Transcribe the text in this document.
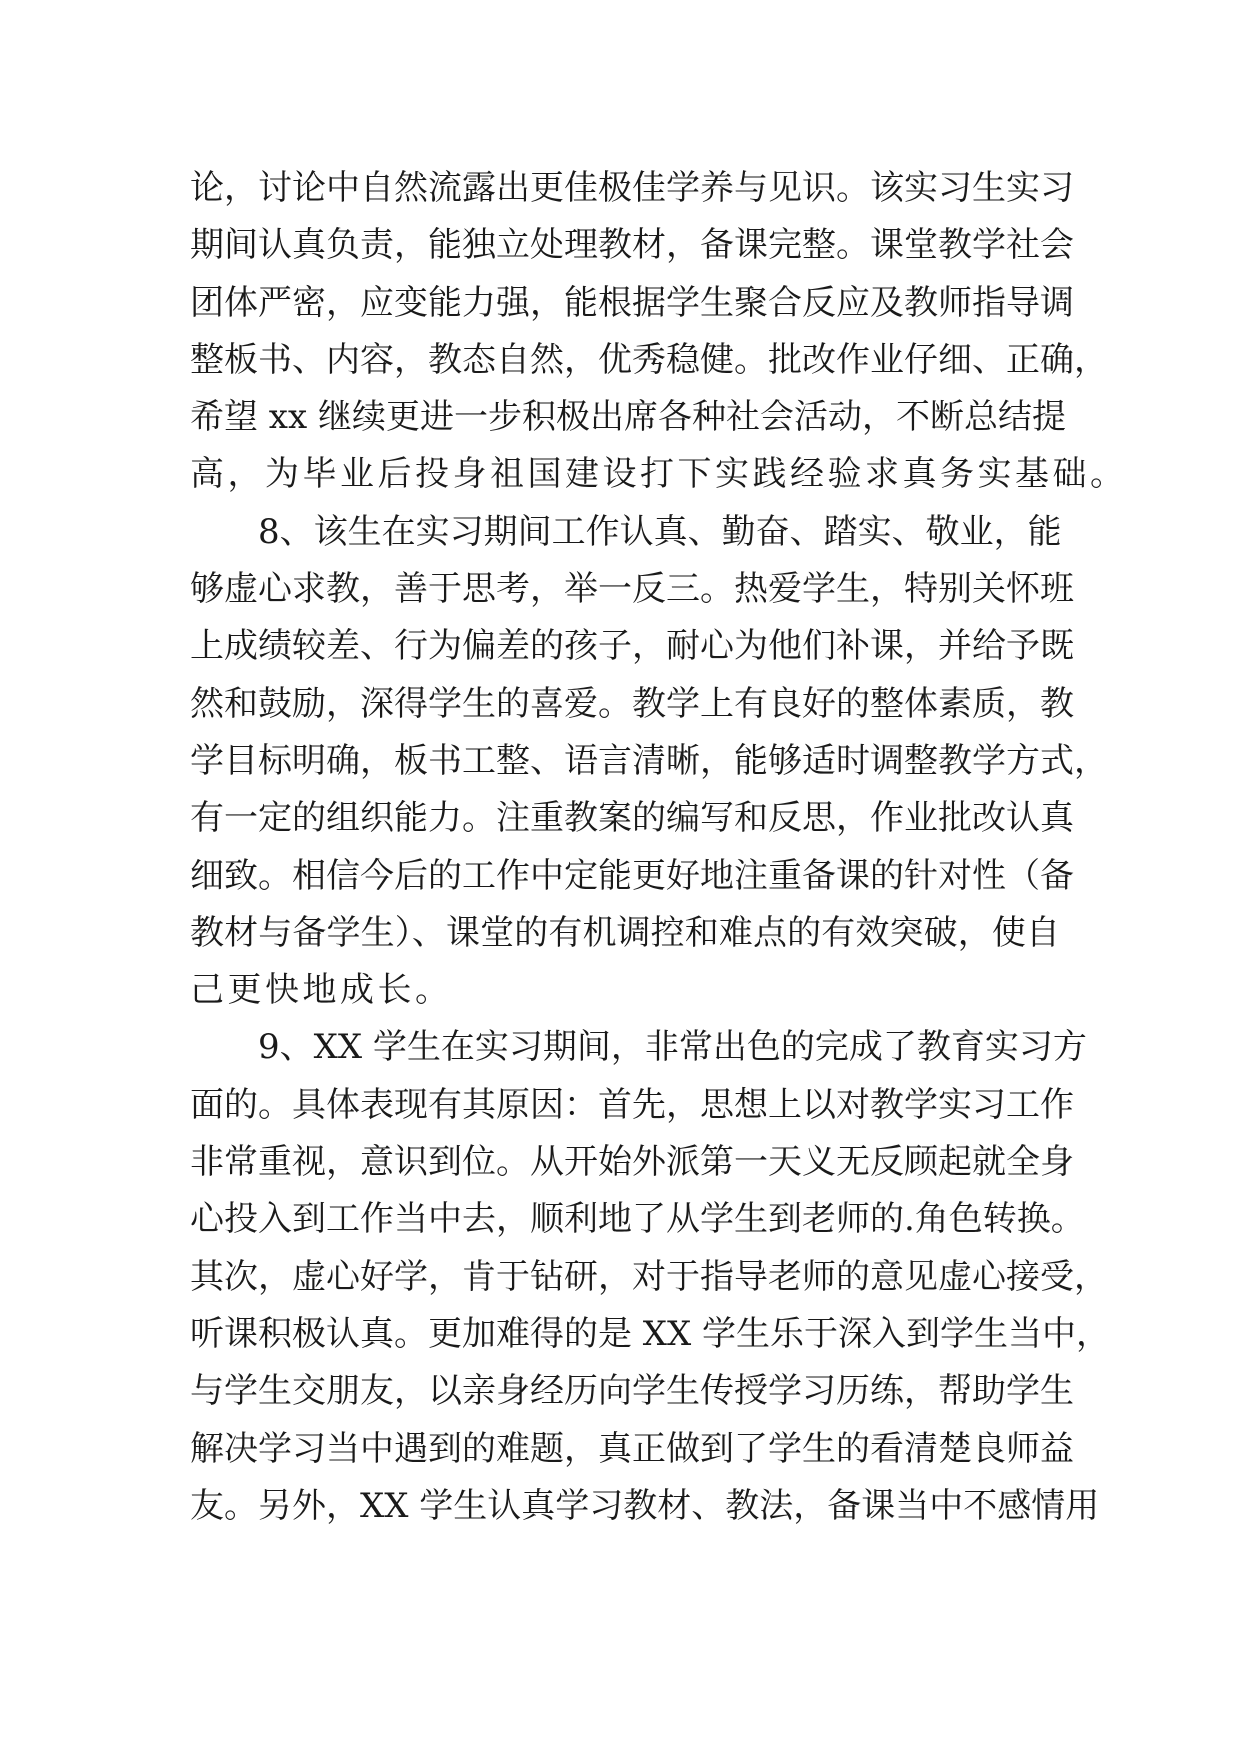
论，讨论中自然流露出更佳极佳学养与见识。该实习生实习
期间认真负责，能独立处理教材，备课完整。课堂教学社会
团体严密，应变能力强，能根据学生聚合反应及教师指导调
整板书、内容，教态自然，优秀稳健。批改作业仔细、正确，
希望 xx 继续更进一步积极出席各种社会活动，不断总结提
高，为毕业后投身祖国建设打下实践经验求真务实基础。
　　8、该生在实习期间工作认真、勤奋、踏实、敬业，能
够虚心求教，善于思考，举一反三。热爱学生，特别关怀班
上成绩较差、行为偏差的孩子，耐心为他们补课，并给予既
然和鼓励，深得学生的喜爱。教学上有良好的整体素质，教
学目标明确，板书工整、语言清晰，能够适时调整教学方式，
有一定的组织能力。注重教案的编写和反思，作业批改认真
细致。相信今后的工作中定能更好地注重备课的针对性（备
教材与备学生）、课堂的有机调控和难点的有效突破，使自
己更快地成长。
　　9、XX 学生在实习期间，非常出色的完成了教育实习方
面的。具体表现有其原因：首先，思想上以对教学实习工作
非常重视，意识到位。从开始外派第一天义无反顾起就全身
心投入到工作当中去，顺利地了从学生到老师的.角色转换。
其次，虚心好学，肯于钻研，对于指导老师的意见虚心接受，
听课积极认真。更加难得的是 XX 学生乐于深入到学生当中，
与学生交朋友，以亲身经历向学生传授学习历练，帮助学生
解决学习当中遇到的难题，真正做到了学生的看清楚良师益
友。另外，XX 学生认真学习教材、教法，备课当中不感情用
